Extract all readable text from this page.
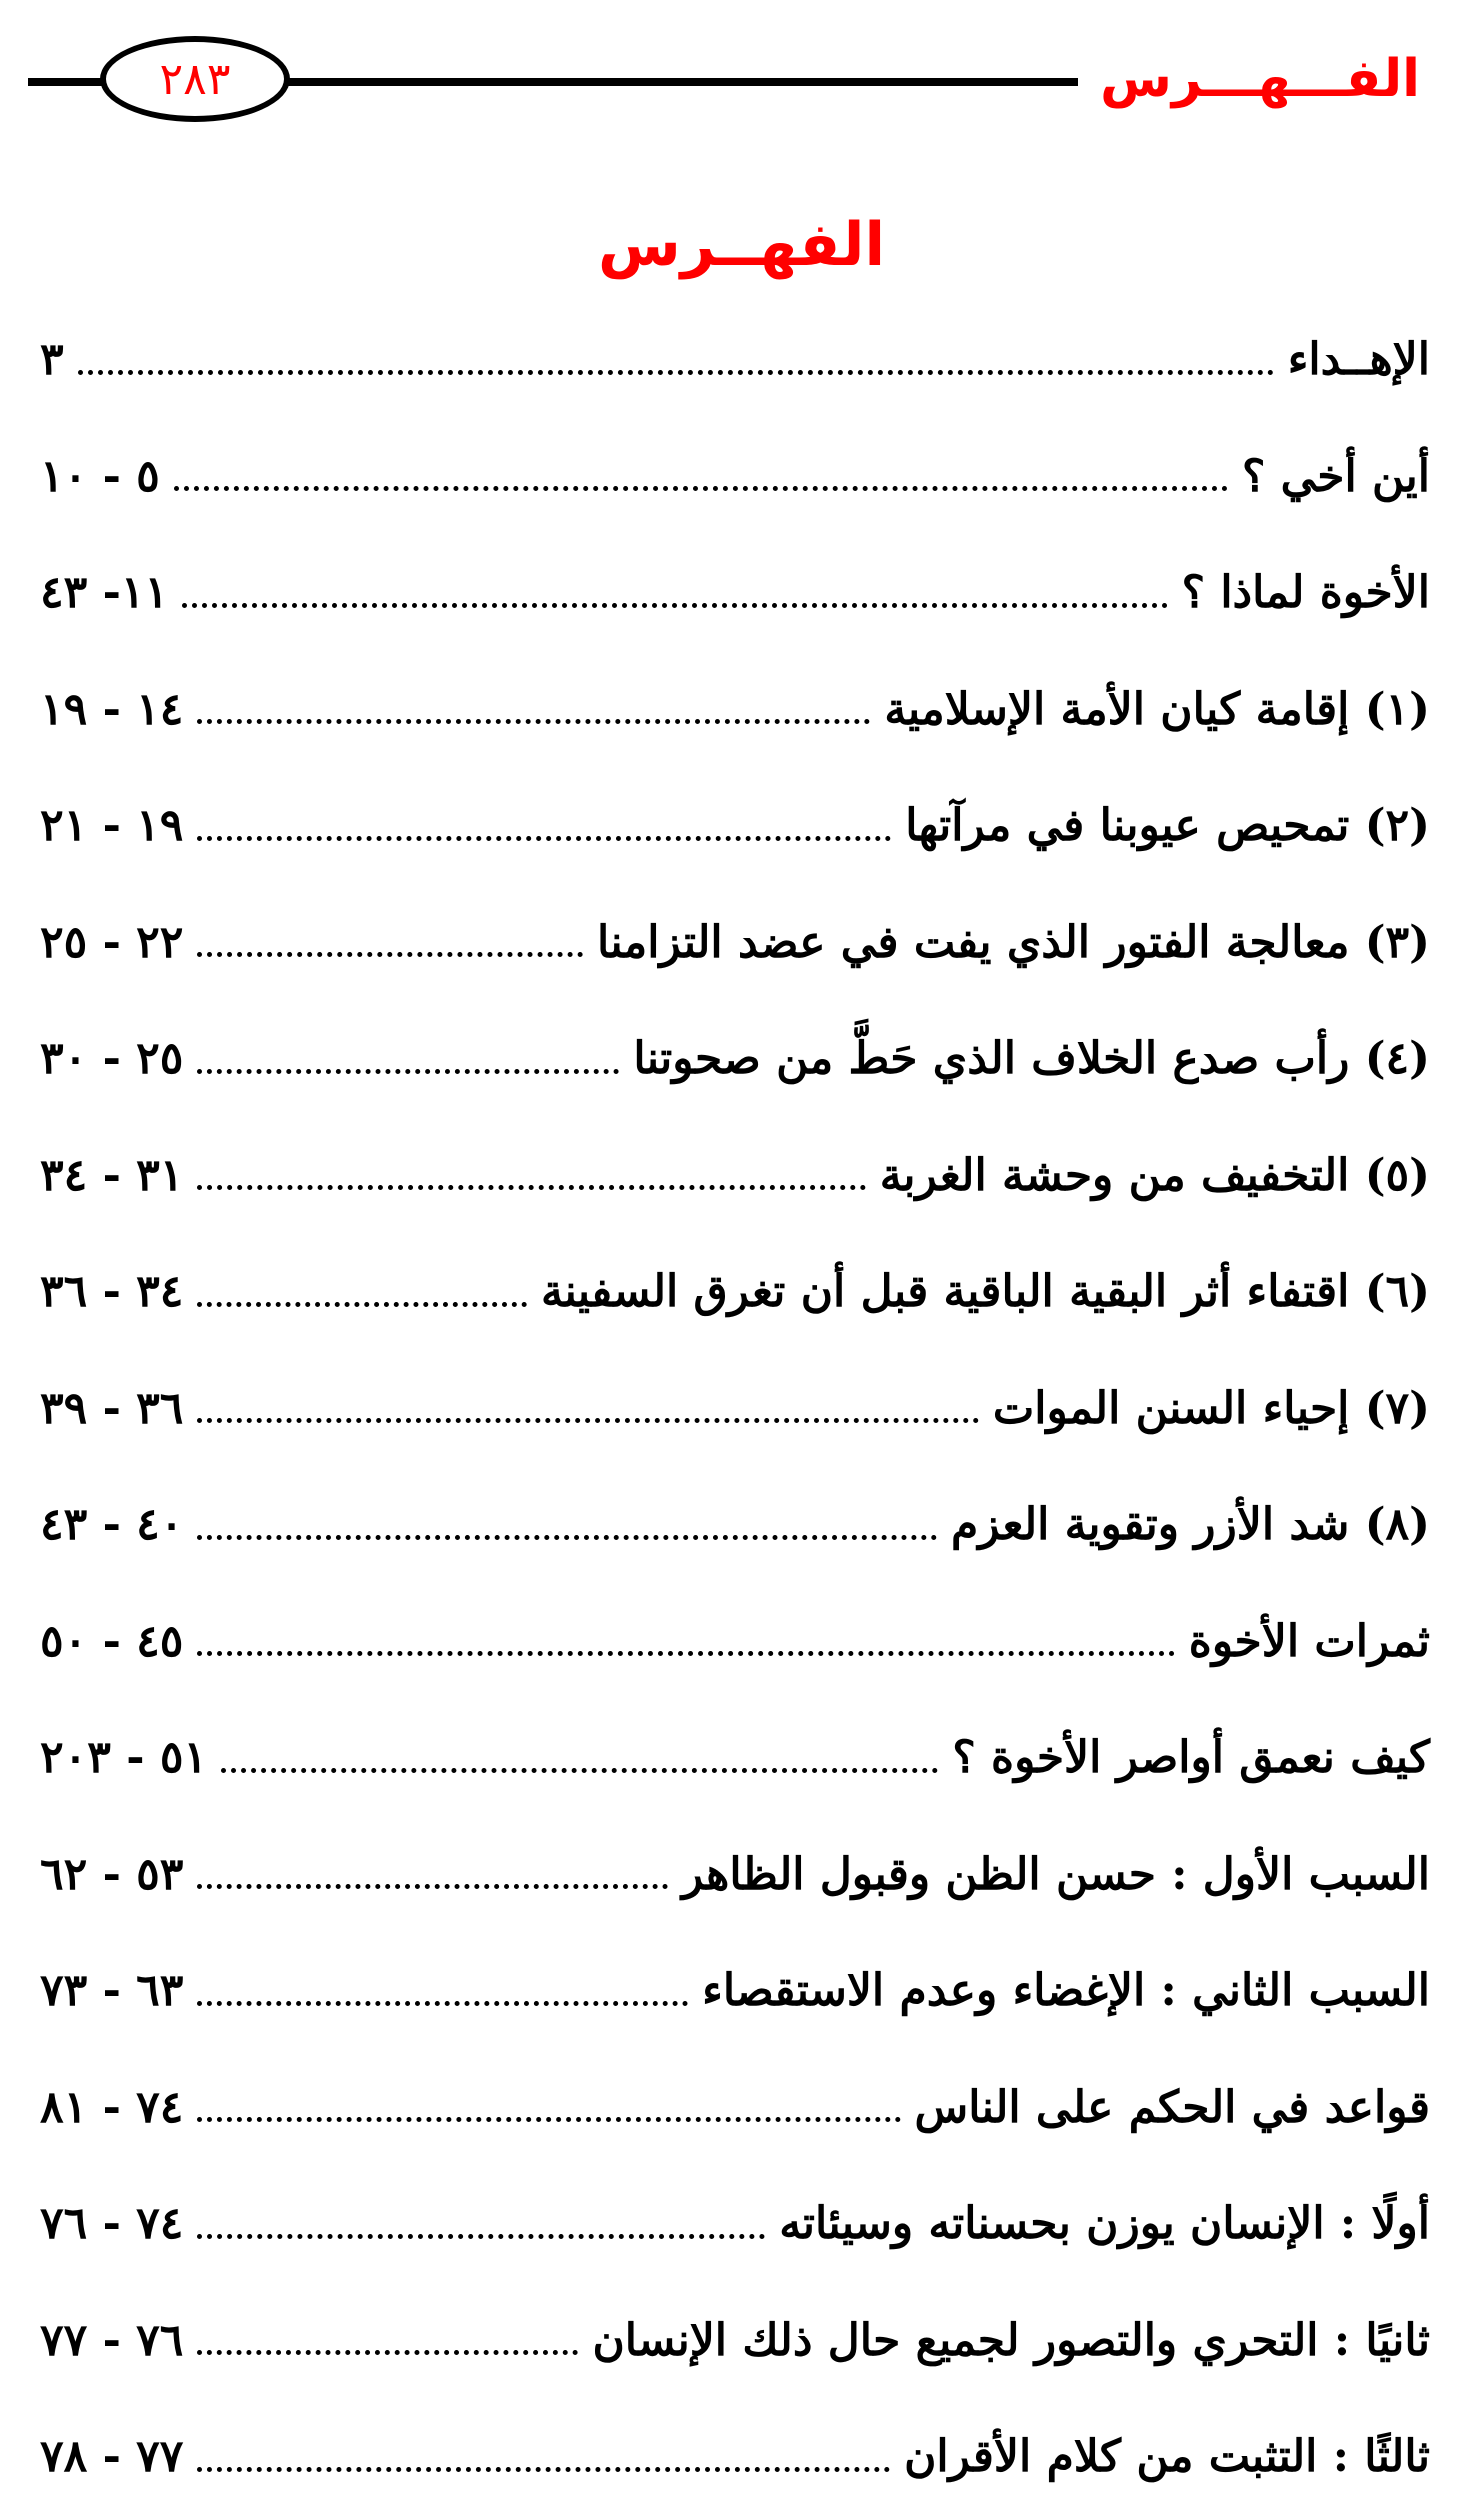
الفـــهـــرس
٢٨٣
الفهــرس
الإهــداء
٣
أين أخي ؟
٥ - ١٠
الأخوة لماذا ؟
١١- ٤٣
(١) إقامة كيان الأمة الإسلامية
١٤ - ١٩
(٢) تمحيص عيوبنا في مرآتها
١٩ - ٢١
(٣) معالجة الفتور الذي يفت في عضد التزامنا
٢٢ - ٢٥
(٤) رأب صدع الخلاف الذي حَطَّ من صحوتنا
٢٥ - ٣٠
(٥) التخفيف من وحشة الغربة
٣١ - ٣٤
(٦) اقتفاء أثر البقية الباقية قبل أن تغرق السفينة
٣٤ - ٣٦
(٧) إحياء السنن الموات
٣٦ - ٣٩
(٨) شد الأزر وتقوية العزم
٤٠ - ٤٣
ثمرات الأخوة
٤٥ - ٥٠
كيف نعمق أواصر الأخوة ؟
٥١ - ٢٠٣
السبب الأول : حسن الظن وقبول الظاهر
٥٣ - ٦٢
السبب الثاني : الإغضاء وعدم الاستقصاء
٦٣ - ٧٣
قواعد في الحكم على الناس
٧٤ - ٨١
أولًا : الإنسان يوزن بحسناته وسيئاته
٧٤ - ٧٦
ثانيًا : التحري والتصور لجميع حال ذلك الإنسان
٧٦ - ٧٧
ثالثًا : التثبت من كلام الأقران
٧٧ - ٧٨
